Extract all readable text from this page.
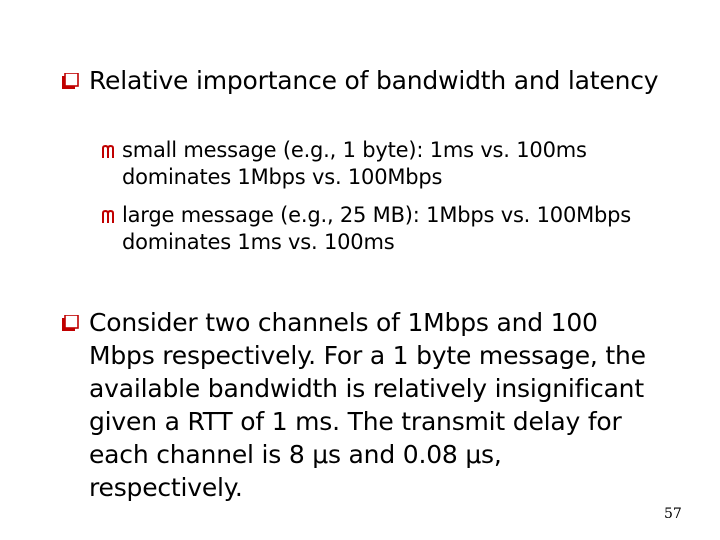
Relative importance of bandwidth and latency
small message (e.g., 1 byte): 1ms vs. 100ms dominates 1Mbps vs. 100Mbps
large message (e.g., 25 MB): 1Mbps vs. 100Mbps dominates 1ms vs. 100ms
Consider two channels of 1Mbps and 100 Mbps respectively. For a 1 byte message, the available bandwidth is relatively insignificant given a RTT of 1 ms. The transmit delay for each channel is 8 μs and 0.08 μs, respectively.
57
